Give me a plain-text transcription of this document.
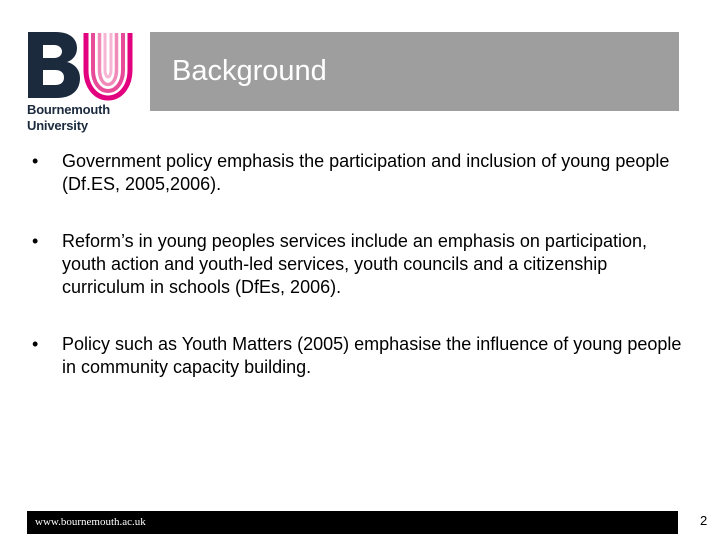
Bournemouth
University
Background
• Government policy emphasis the participation and inclusion of young people (Df.ES, 2005,2006).
• Reform’s in young peoples services include an emphasis on participation, youth action and youth-led services, youth councils and a citizenship curriculum in schools (DfEs, 2006).
• Policy such as Youth Matters (2005) emphasise the influence of young people in community capacity building.
www.bournemouth.ac.uk	2
